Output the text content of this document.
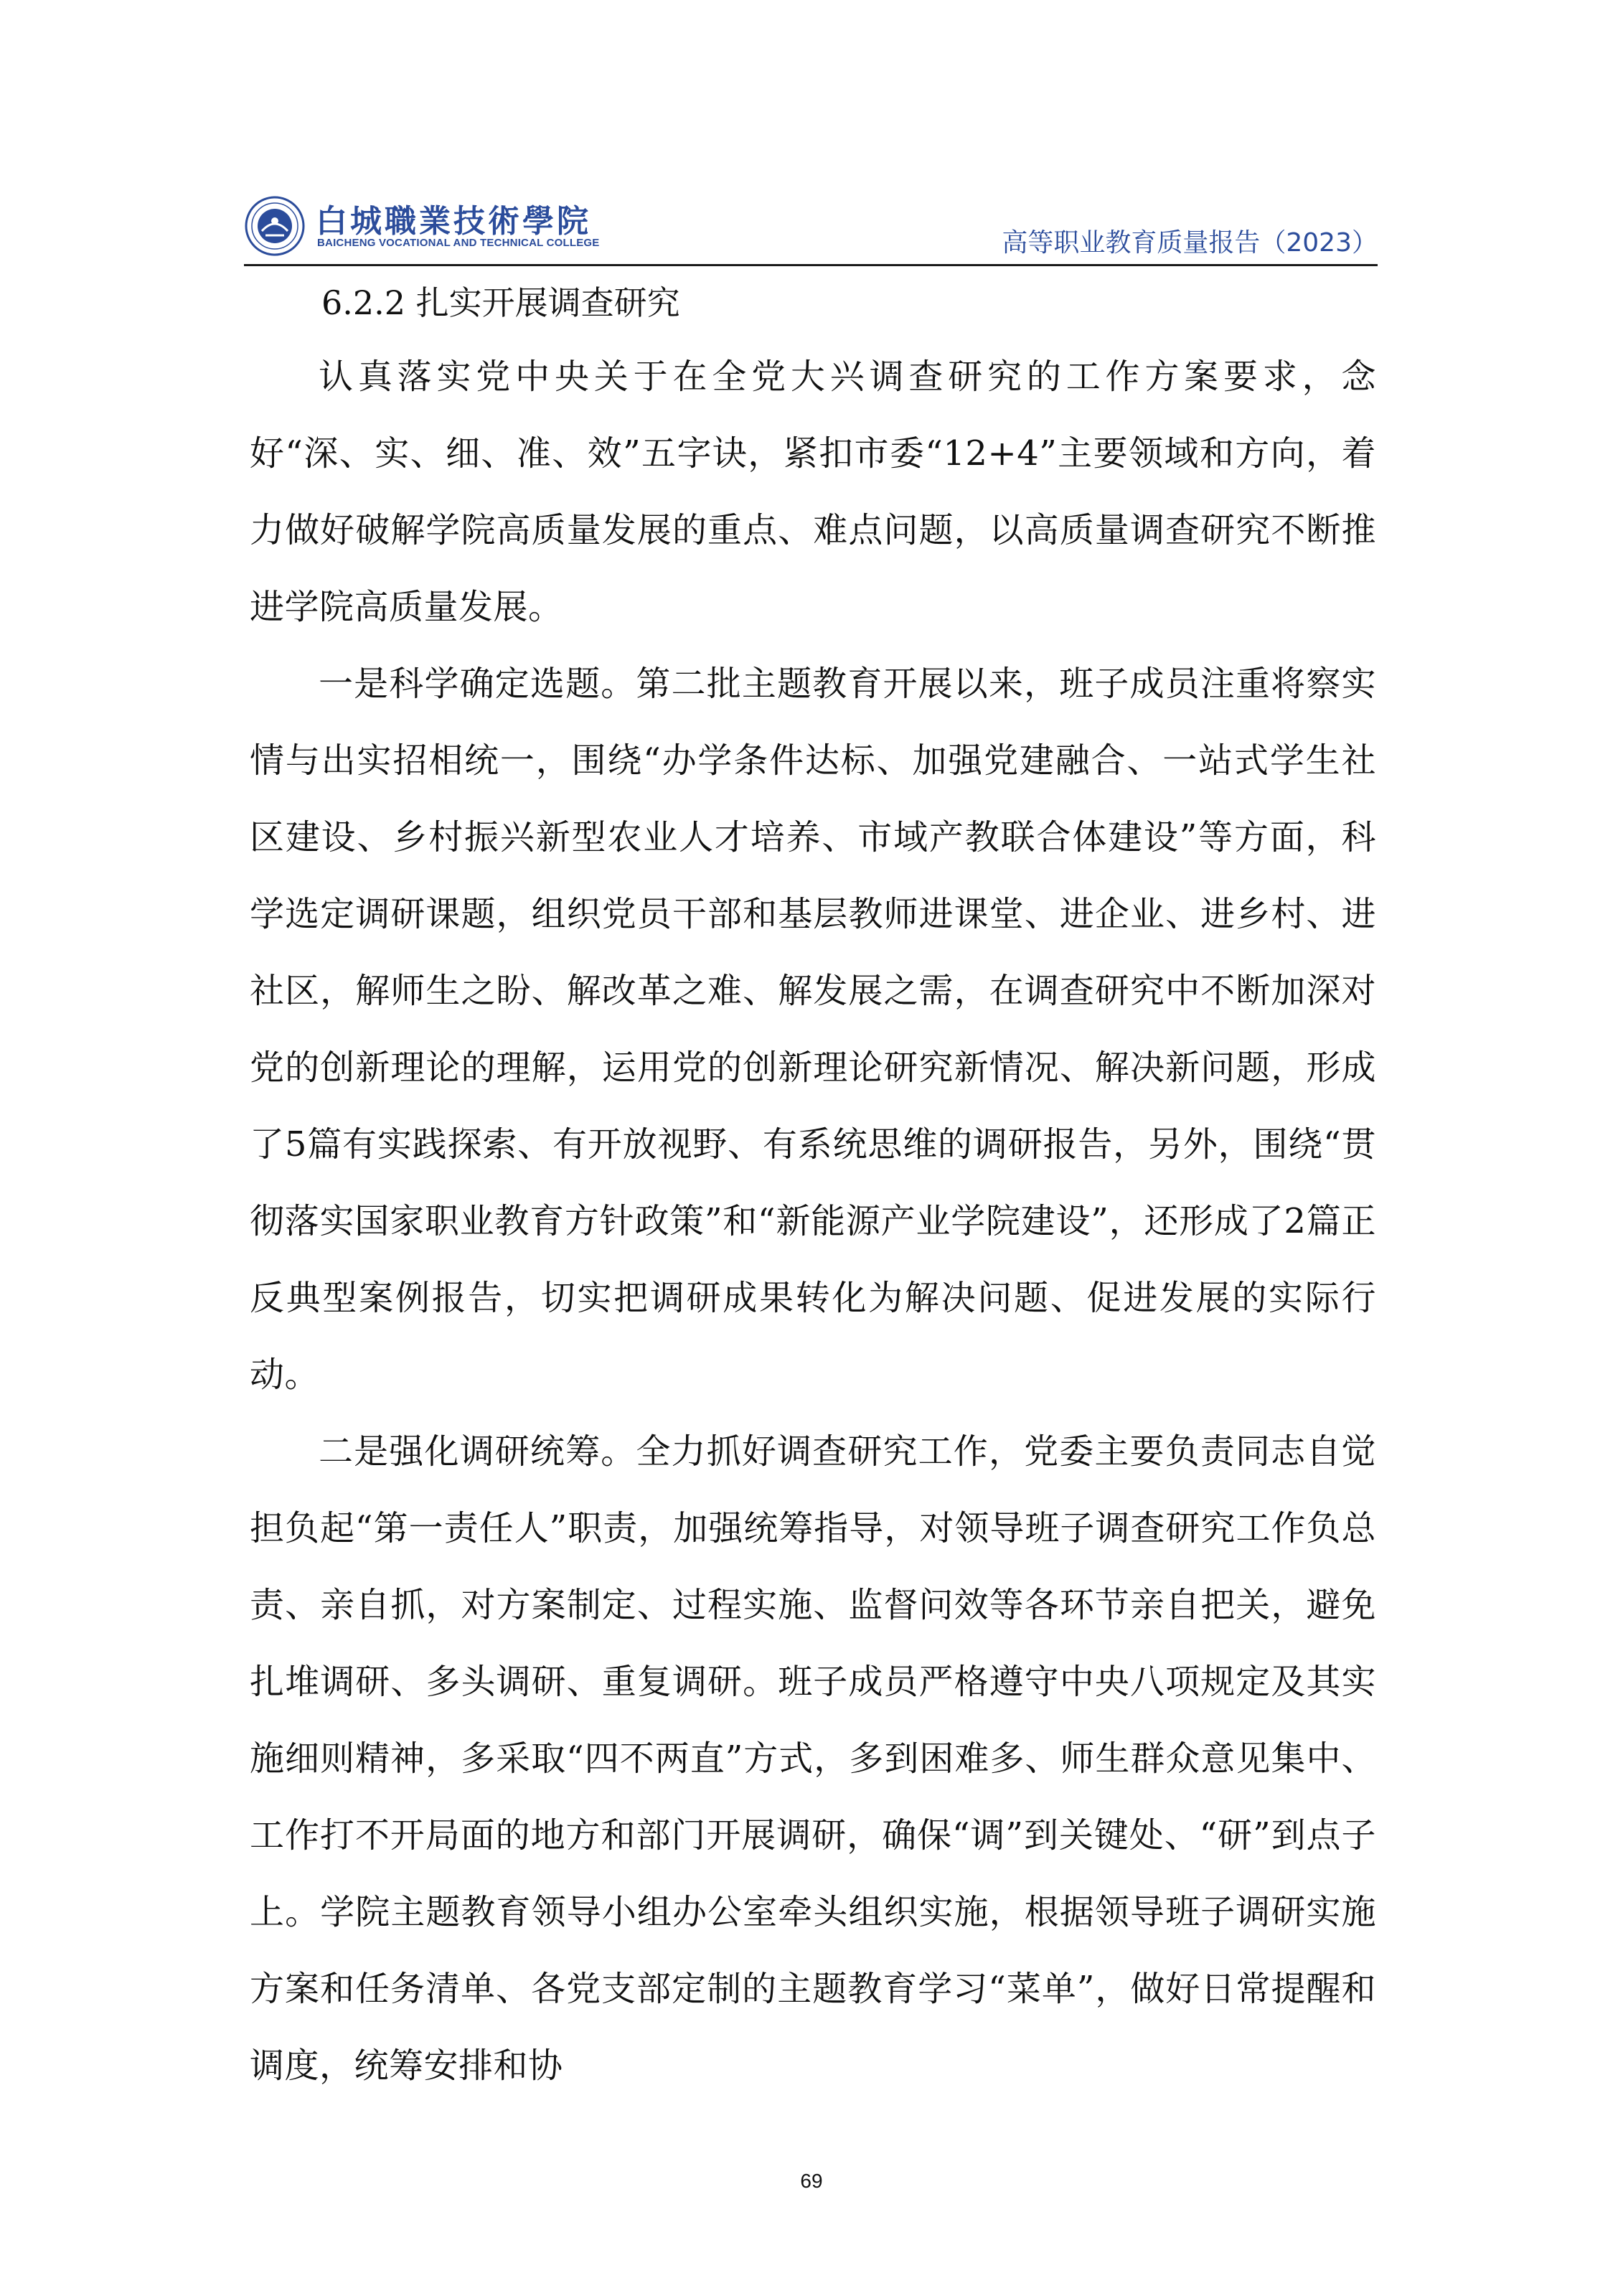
白城職業技術學院
BAICHENG VOCATIONAL AND TECHNICAL COLLEGE	高等职业教育质量报告（2023）
6.2.2 扎实开展调查研究

认真落实党中央关于在全党大兴调查研究的工作方案要求，念好“深、实、细、准、效”五字诀，紧扣市委“12+4”主要领域和方向，着力做好破解学院高质量发展的重点、难点问题，以高质量调查研究不断推进学院高质量发展。

一是科学确定选题。第二批主题教育开展以来，班子成员注重将察实情与出实招相统一，围绕“办学条件达标、加强党建融合、一站式学生社区建设、乡村振兴新型农业人才培养、市域产教联合体建设”等方面，科学选定调研课题，组织党员干部和基层教师进课堂、进企业、进乡村、进社区，解师生之盼、解改革之难、解发展之需，在调查研究中不断加深对党的创新理论的理解，运用党的创新理论研究新情况、解决新问题，形成了5篇有实践探索、有开放视野、有系统思维的调研报告，另外，围绕“贯彻落实国家职业教育方针政策”和“新能源产业学院建设”，还形成了2篇正反典型案例报告，切实把调研成果转化为解决问题、促进发展的实际行动。

二是强化调研统筹。全力抓好调查研究工作，党委主要负责同志自觉担负起“第一责任人”职责，加强统筹指导，对领导班子调查研究工作负总责、亲自抓，对方案制定、过程实施、监督问效等各环节亲自把关，避免扎堆调研、多头调研、重复调研。班子成员严格遵守中央八项规定及其实施细则精神，多采取“四不两直”方式，多到困难多、师生群众意见集中、工作打不开局面的地方和部门开展调研，确保“调”到关键处、“研”到点子上。学院主题教育领导小组办公室牵头组织实施，根据领导班子调研实施方案和任务清单、各党支部定制的主题教育学习“菜单”，做好日常提醒和调度，统筹安排和协

69
